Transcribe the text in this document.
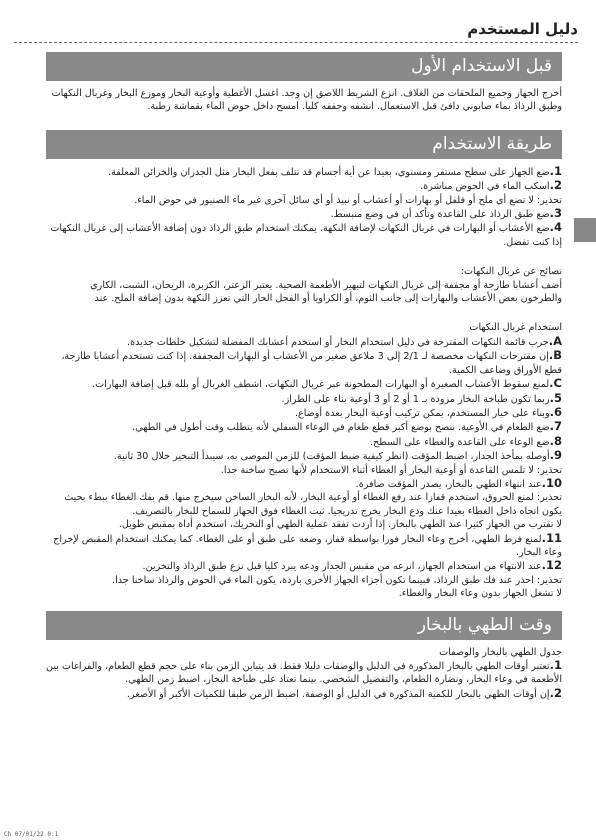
دليل المستخدم
قبل الاستخدام الأول

أخرج الجهاز وجميع الملحقات من الغلاف. انزع الشريط اللاصق إن وجد. اغسل الأغطية وأوعية البخار وموزع البخار وغربال النكهات وطبق الرذاذ بماء صابوني دافئ قبل الاستعمال. انشفه وجففه كليا. امسح داخل حوض الماء بقماشة رطبة.

طريقة الاستخدام

1.ضع الجهاز على سطح مستقر ومستوي، بعيدا عن أية أجسام قد تتلف بفعل البخار مثل الجدران والخزائن المعلقة.

2.اسكب الماء في الحوض مباشرة.

تحذير: لا تضع أي ملح أو فلفل أو بهارات أو أعشاب أو نبيذ أو أي سائل آخرى غير ماء الصنبور في حوض الماء.

3.ضع طبق الرذاذ على القاعدة وتأكد أن في وضع منبسط.

4.ضع الأعشاب أو البهارات في غربال النكهات لإضافة النكهة. يمكنك استخدام طبق الرذاذ دون إضافة الأعشاب إلى غربال النكهات إذا كنت تفضل.

نصائح عن غربال النكهات:

أضف أعشابا طازجة أو مجففة إلى غربال النكهات لتبهير الأطعمة الصحية. يعتبر الزعتر، الكزبرة، الريحان، الشبت، الكاري والطرخون بعض الأعشاب والبهارات إلى جانب الثوم، أو الكراويا أو الفجل الحار التي تعزز النكهة بدون إضافة الملح. عند

استخدام غربال النكهات

A.جرب قائمة النكهات المقترحة في دليل استخدام البخار أو استخدم أعشابك المفضلة لتشكيل خلطات جديدة.

B.إن مقترحات النكهات مخصصة لـ 2/1 إلى 3 ملاعق صغير من الأعشاب أو البهارات المجففة. إذا كنت تستخدم أعشابا طازجة، قطع الأوراق وضاعف الكمية.

C.لمنع سقوط الأعشاب الصغيرة أو البهارات المطحونة عبر غربال النكهات، اشطف الغربال أو بلله قبل إضافة البهارات.

5.ربما تكون طباخة البخار مزودة بـ 1 أو 2 أو 3 أوعية بناء على الطراز.

6.وبناء على خيار المستخدم، يمكن تركيب أوعية البخار بعدة أوضاع.

7.ضع الطعام في الأوعية. ننصح بوضع أكبر قطع طعام في الوعاء السفلي لأنه يتطلب وقت أطول في الطهي.

8.ضع الوعاء على القاعدة والغطاء على السطح.

9.أوصله بمأخذ الجدار، اضبط المؤقت (انظر كيفية ضبط المؤقت) للزمن الموصى به، سيبدأ التبخير خلال 30 ثانية.

تحذير: لا تلمس القاعدة أو أوعية البخار أو الغطاء أثناء الاستخدام لأنها تصبح ساخنة جدا.

10.عند انتهاء الطهي بالبخار، يصدر المؤقت صافرة.

تحذير: لمنع الحروق، استخدم قفازا عند رفع الغطاء أو أوعية البخار، لأنه البخار الساخن سيخرج منها. قم بفك الغطاء ببطء بحيث يكون اتجاه داخل الغطاء بعيدا عنك ودع البخار يخرج تدريجيا. ثبت الغطاء فوق الجهاز للسماح للبخار بالتصريف.

لا تقترب من الجهاز كثيرا عند الطهي بالبخار. إذا أردت تفقد عملية الطهي أو التحريك، استخدم أداة بمقبض طويل.

11.لمنع فرط الطهي، أخرج وعاء البخار فورا بواسطة قفاز، وضعه على طبق أو على الغطاء. كما يمكنك استخدام المقبض لإخراج وعاء البخار.

12.عند الانتهاء من استخدام الجهاز، انزعه من مقبس الجدار ودعه يبرد كليا قبل نزع طبق الرذاذ والتخزين.

تحذير: احذر عند فك طبق الرذاذ، فبينما تكون أجزاء الجهاز الأخرى باردة، يكون الماء في الحوض والرذاذ ساخنا جدا.

لا تشغل الجهاز بدون وعاء البخار والغطاء.

وقت الطهي بالبخار

جدول الطهي بالبخار والوصفات

1.تعتبر أوقات الطهي بالبخار المذكورة في الدليل والوصفات دليلا فقط. قد يتباين الزمن بناء على حجم قطع الطعام، والفراغات بين الأطعمة في وعاء البخار، ونضارة الطعام، والتفضيل الشخصي. بينما تعتاد على طباخة البخار، اضبط زمن الطهي.

2.إن أوقات الطهي بالبخار للكمية المذكورة في الدليل أو الوصفة. اضبط الزمن طبقا للكميات الأكبر أو الأصغر.

Ch 07/01/22 0:1
